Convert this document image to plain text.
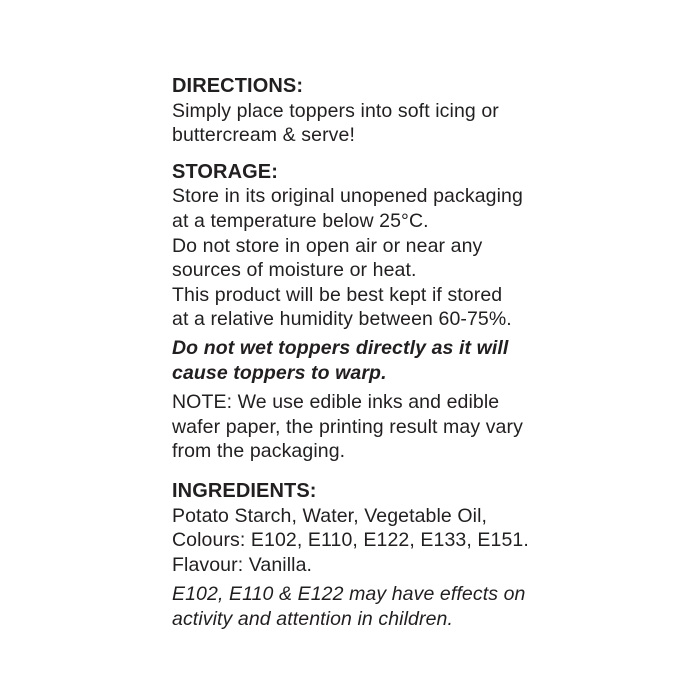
DIRECTIONS:
Simply place toppers into soft icing or
buttercream & serve!
STORAGE:
Store in its original unopened packaging
at a temperature below 25°C.
Do not store in open air or near any
sources of moisture or heat.
This product will be best kept if stored
at a relative humidity between 60-75%.
Do not wet toppers directly as it will
cause toppers to warp.
NOTE: We use edible inks and edible
wafer paper, the printing result may vary
from the packaging.
INGREDIENTS:
Potato Starch, Water, Vegetable Oil,
Colours: E102, E110, E122, E133, E151.
Flavour: Vanilla.
E102, E110 & E122 may have effects on
activity and attention in children.
